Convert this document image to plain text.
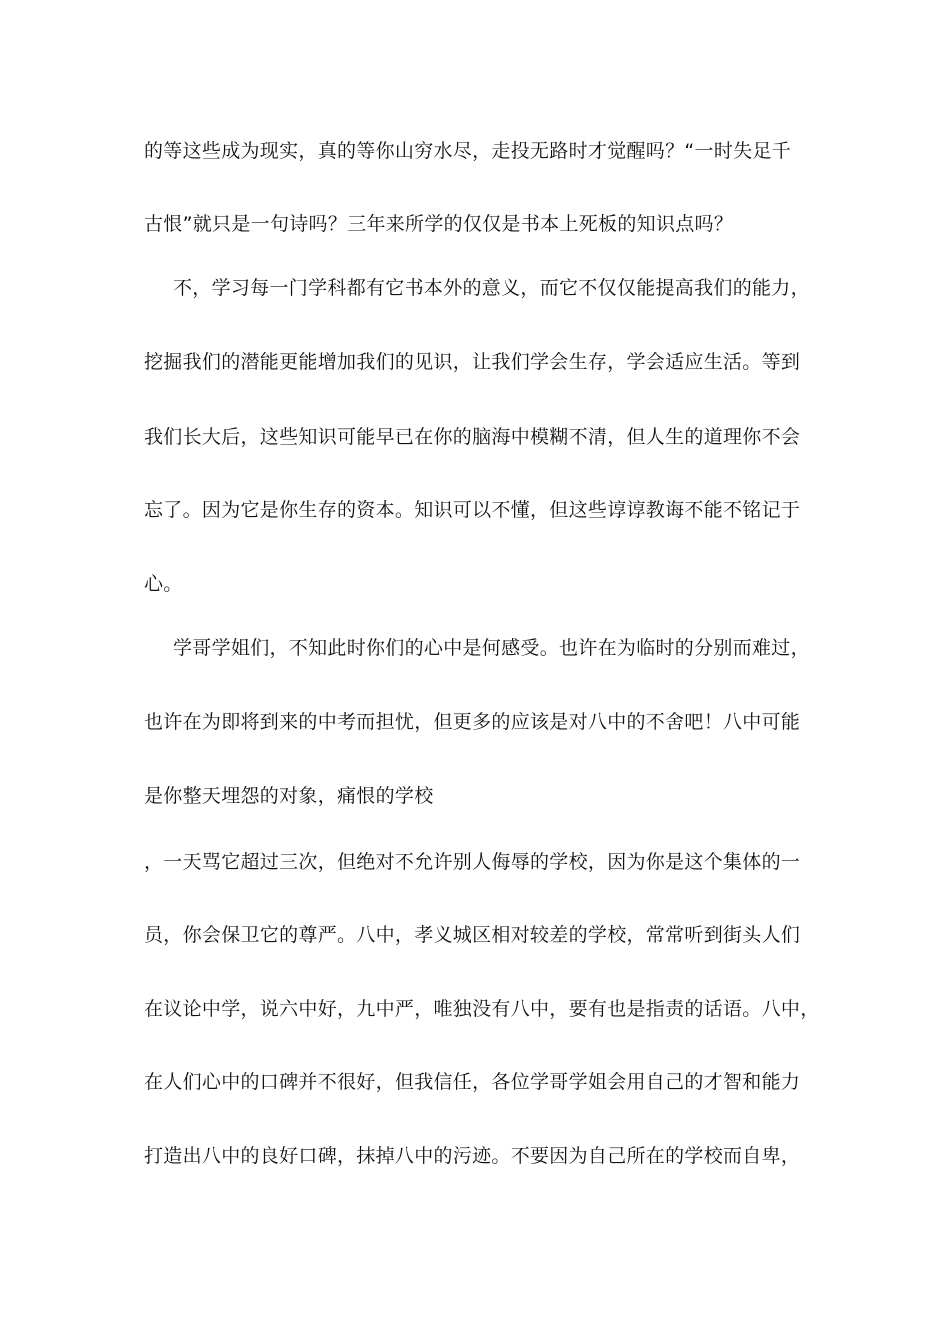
的等这些成为现实，真的等你山穷水尽，走投无路时才觉醒吗？“一时失足千
古恨”就只是一句诗吗？三年来所学的仅仅是书本上死板的知识点吗？
不，学习每一门学科都有它书本外的意义，而它不仅仅能提高我们的能力，
挖掘我们的潜能更能增加我们的见识，让我们学会生存，学会适应生活。等到
我们长大后，这些知识可能早已在你的脑海中模糊不清，但人生的道理你不会
忘了。因为它是你生存的资本。知识可以不懂，但这些谆谆教诲不能不铭记于
心。
学哥学姐们，不知此时你们的心中是何感受。也许在为临时的分别而难过，
也许在为即将到来的中考而担忧，但更多的应该是对八中的不舍吧！八中可能
是你整天埋怨的对象，痛恨的学校
，一天骂它超过三次，但绝对不允许别人侮辱的学校，因为你是这个集体的一
员，你会保卫它的尊严。八中，孝义城区相对较差的学校，常常听到街头人们
在议论中学，说六中好，九中严，唯独没有八中，要有也是指责的话语。八中，
在人们心中的口碑并不很好，但我信任，各位学哥学姐会用自己的才智和能力
打造出八中的良好口碑，抹掉八中的污迹。不要因为自己所在的学校而自卑，
